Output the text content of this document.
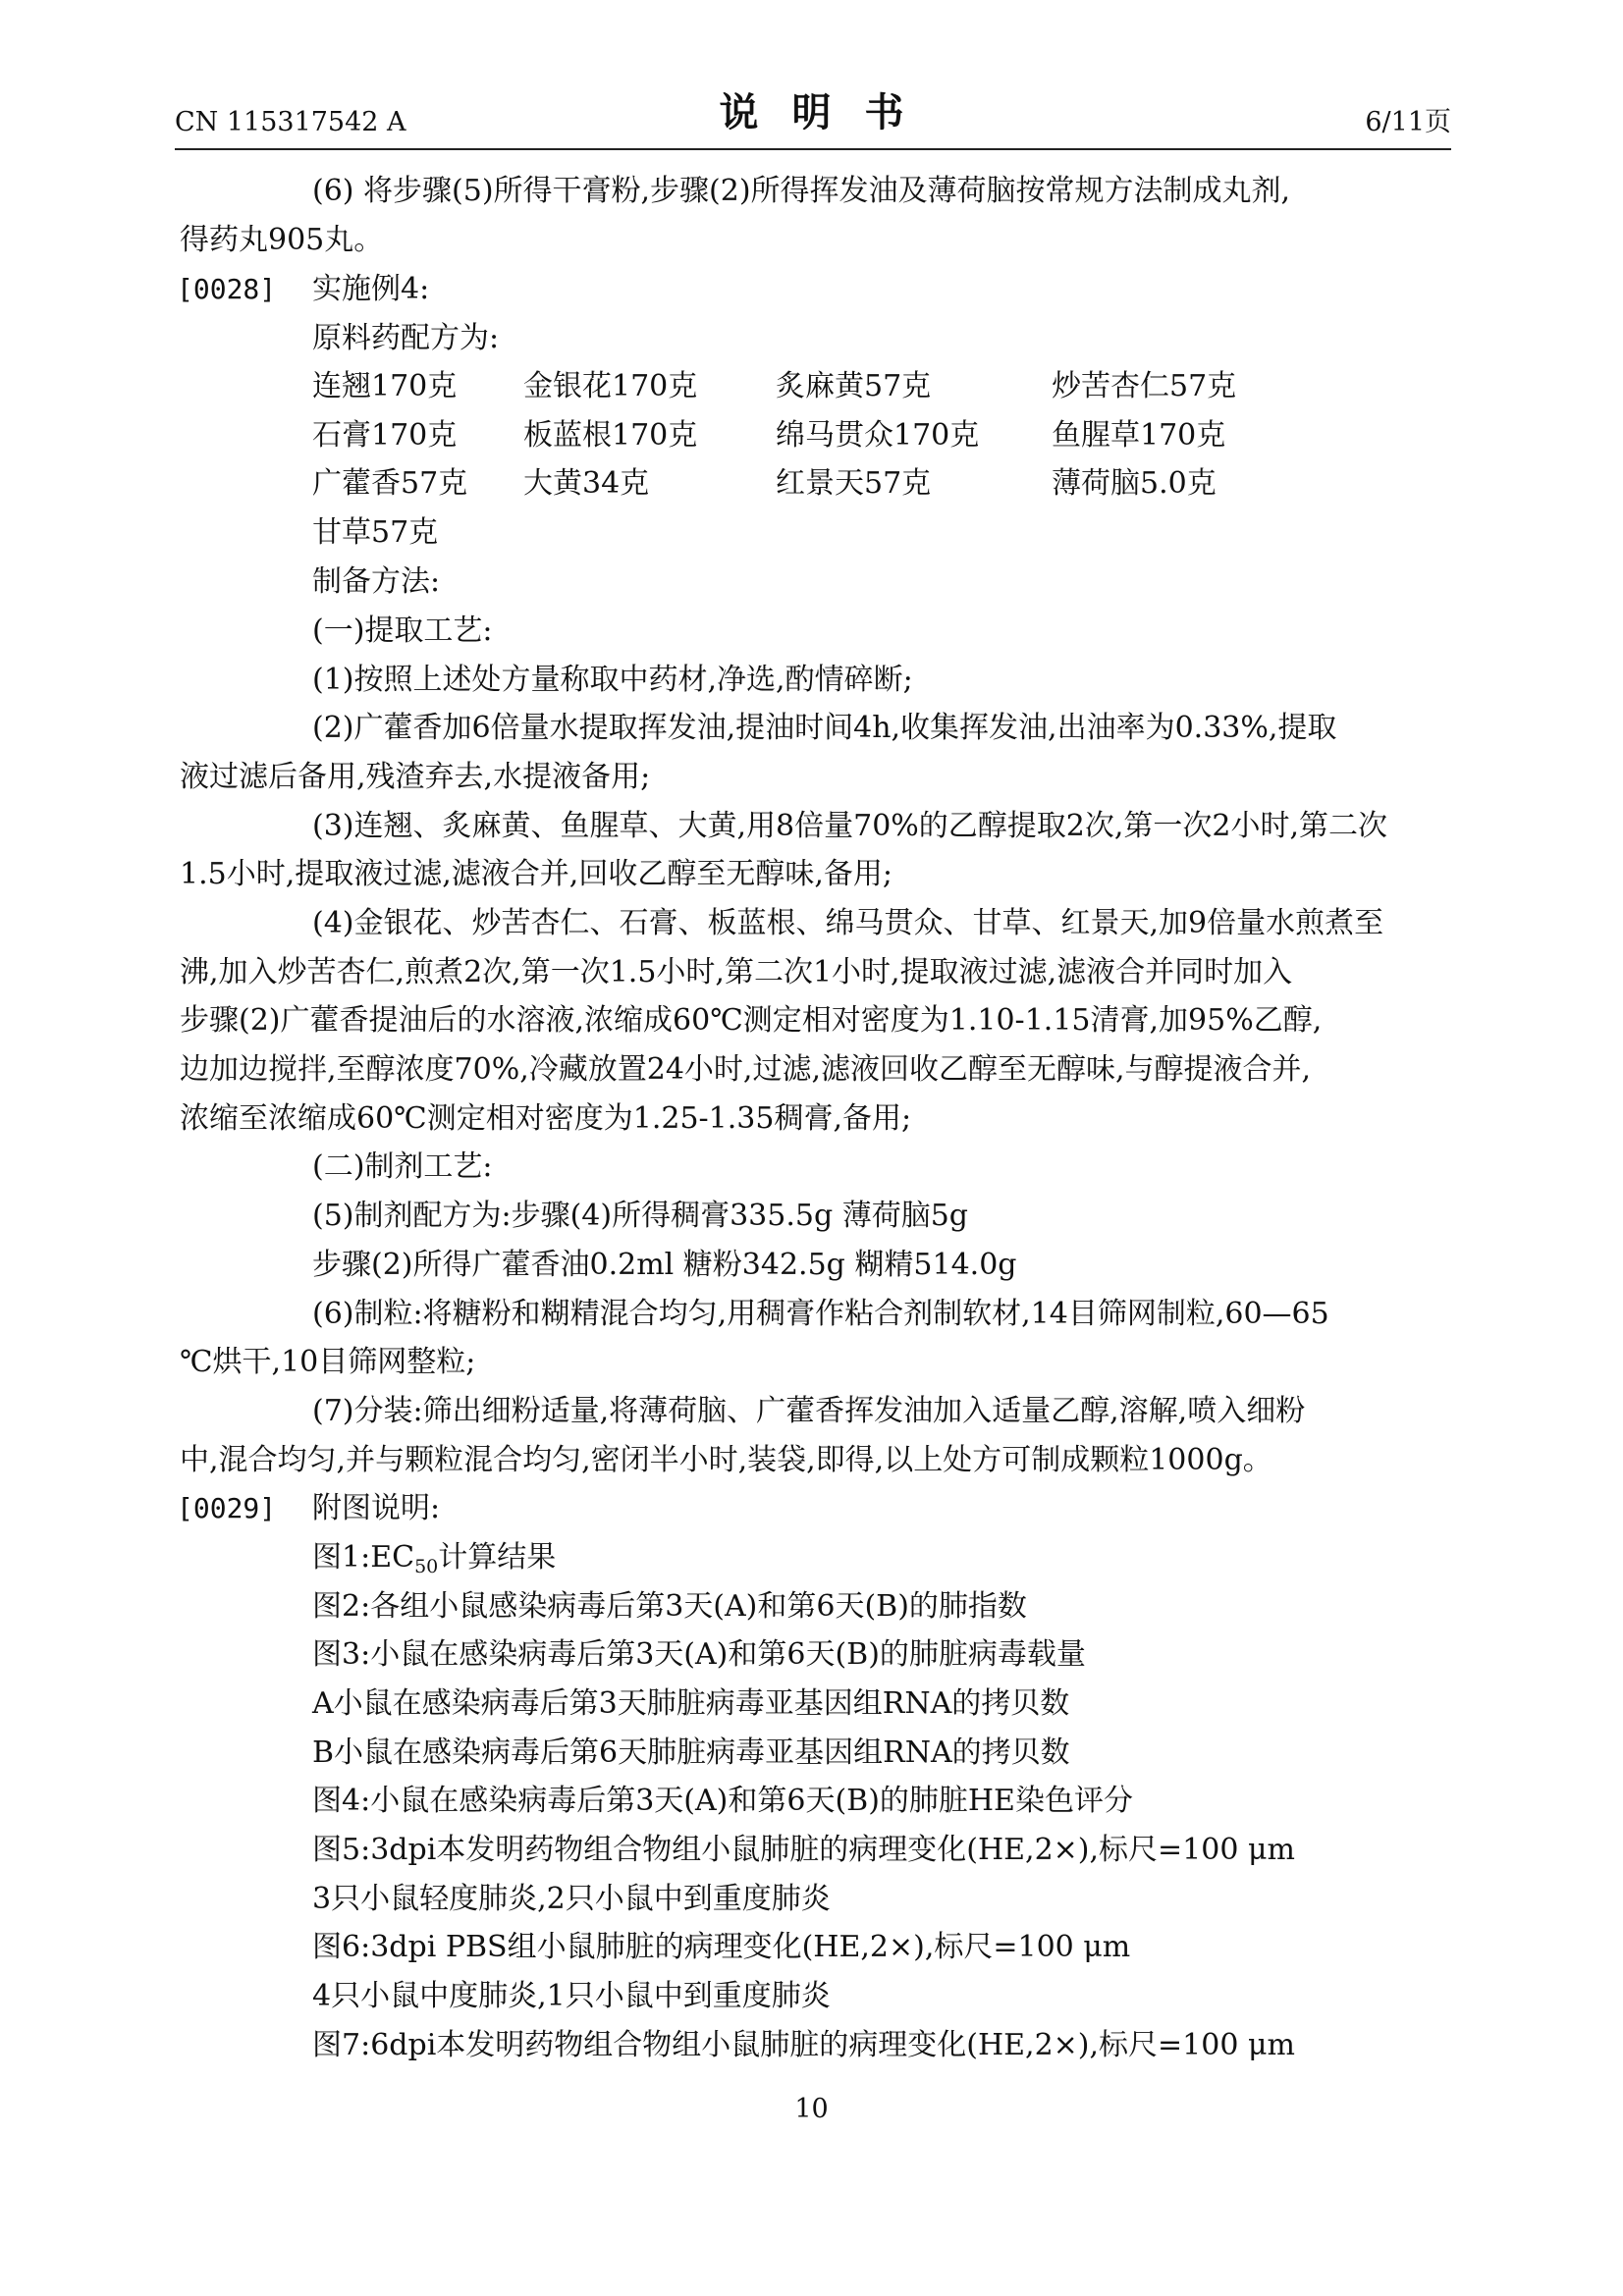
CN 115317542 A	说明书	6/11页
(6) 将步骤(5)所得干膏粉,步骤(2)所得挥发油及薄荷脑按常规方法制成丸剂,
得药丸905丸。
[0028] 实施例4:
原料药配方为:
连翘170克 金银花170克	炙麻黄57克	炒苦杏仁57克
石膏170克 板蓝根170克	绵马贯众170克 鱼腥草170克
广藿香57克 大黄34克	红景天57克	薄荷脑5.0克
甘草57克
制备方法:
(一)提取工艺:
(1)按照上述处方量称取中药材,净选,酌情碎断;
(2)广藿香加6倍量水提取挥发油,提油时间4h,收集挥发油,出油率为0.33%,提取
液过滤后备用,残渣弃去,水提液备用;
(3)连翘、炙麻黄、鱼腥草、大黄,用8倍量70%的乙醇提取2次,第一次2小时,第二次
1.5小时,提取液过滤,滤液合并,回收乙醇至无醇味,备用;
(4)金银花、炒苦杏仁、石膏、板蓝根、绵马贯众、甘草、红景天,加9倍量水煎煮至
沸,加入炒苦杏仁,煎煮2次,第一次1.5小时,第二次1小时,提取液过滤,滤液合并同时加入
步骤(2)广藿香提油后的水溶液,浓缩成60℃测定相对密度为1.10-1.15清膏,加95%乙醇,
边加边搅拌,至醇浓度70%,冷藏放置24小时,过滤,滤液回收乙醇至无醇味,与醇提液合并,
浓缩至浓缩成60℃测定相对密度为1.25-1.35稠膏,备用;
(二)制剂工艺:
(5)制剂配方为:步骤(4)所得稠膏335.5g 薄荷脑5g
步骤(2)所得广藿香油0.2ml 糖粉342.5g 糊精514.0g
(6)制粒:将糖粉和糊精混合均匀,用稠膏作粘合剂制软材,14目筛网制粒,60—65
℃烘干,10目筛网整粒;
(7)分装:筛出细粉适量,将薄荷脑、广藿香挥发油加入适量乙醇,溶解,喷入细粉
中,混合均匀,并与颗粒混合均匀,密闭半小时,装袋,即得,以上处方可制成颗粒1000g。
[0029] 附图说明:
图$1:EC_{50}$计算结果
图2:各组小鼠感染病毒后第3天(A)和第6天(B)的肺指数
图3:小鼠在感染病毒后第3天(A)和第6天(B)的肺脏病毒载量
A小鼠在感染病毒后第3天肺脏病毒亚基因组RNA的拷贝数
B小鼠在感染病毒后第6天肺脏病毒亚基因组RNA的拷贝数
图4:小鼠在感染病毒后第3天(A)和第6天(B)的肺脏HE染色评分
图5:3dpi本发明药物组合物组小鼠肺脏的病理变化(HE,2×),标尺=100 μm
3只小鼠轻度肺炎,2只小鼠中到重度肺炎
图6:3dpi PBS组小鼠肺脏的病理变化(HE,2×),标尺=100 μm
4只小鼠中度肺炎,1只小鼠中到重度肺炎
图7:6dpi本发明药物组合物组小鼠肺脏的病理变化(HE,2×),标尺=100 μm
10
